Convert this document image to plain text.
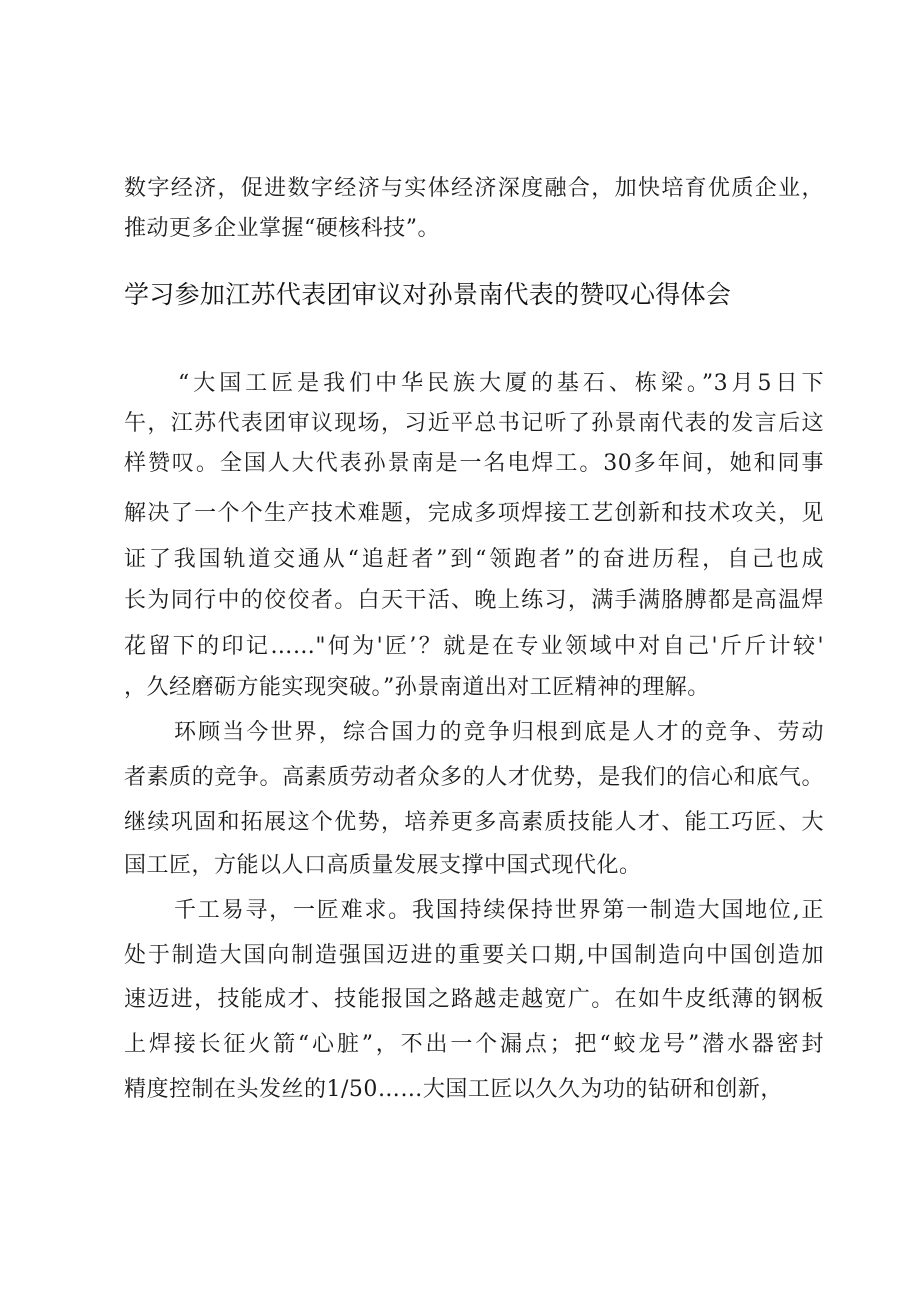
数字经济，促进数字经济与实体经济深度融合，加快培育优质企业，
推动更多企业掌握“硬核科技”。
学习参加江苏代表团审议对孙景南代表的赞叹心得体会
“大国工匠是我们中华民族大厦的基石、栋梁。”3月5日下
午，江苏代表团审议现场，习近平总书记听了孙景南代表的发言后这
样赞叹。全国人大代表孙景南是一名电焊工。30多年间，她和同事
解决了一个个生产技术难题，完成多项焊接工艺创新和技术攻关，见
证了我国轨道交通从“追赶者”到“领跑者”的奋进历程，自己也成
长为同行中的佼佼者。白天干活、晚上练习，满手满胳膊都是高温焊
花留下的印记……"何为'匠’？就是在专业领域中对自己'斤斤计较'
，久经磨砺方能实现突破。”孙景南道出对工匠精神的理解。
环顾当今世界，综合国力的竞争归根到底是人才的竞争、劳动
者素质的竞争。高素质劳动者众多的人才优势，是我们的信心和底气。
继续巩固和拓展这个优势，培养更多高素质技能人才、能工巧匠、大
国工匠，方能以人口高质量发展支撑中国式现代化。
千工易寻，一匠难求。我国持续保持世界第一制造大国地位,正
处于制造大国向制造强国迈进的重要关口期,中国制造向中国创造加
速迈进，技能成才、技能报国之路越走越宽广。在如牛皮纸薄的钢板
上焊接长征火箭“心脏”，不出一个漏点；把“蛟龙号”潜水器密封
精度控制在头发丝的1/50……大国工匠以久久为功的钻研和创新，
